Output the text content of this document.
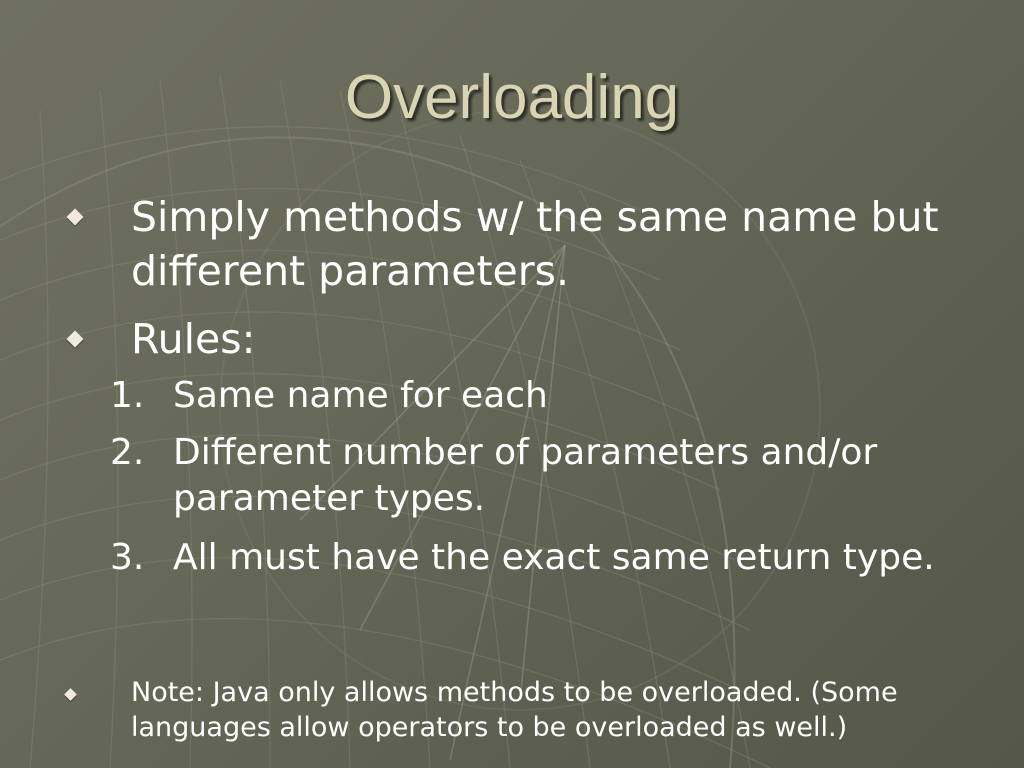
Overloading
Simply methods w/ the same name but different parameters.
Rules:
1. Same name for each
2. Different number of parameters and/or parameter types.
3. All must have the exact same return type.
Note: Java only allows methods to be overloaded. (Some languages allow operators to be overloaded as well.)
